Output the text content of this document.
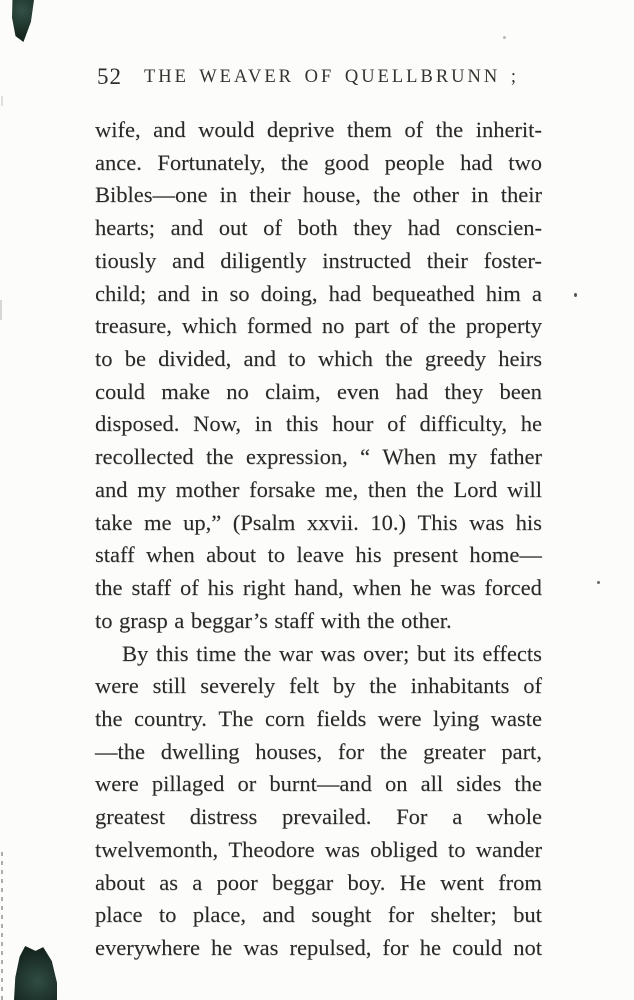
52	THE WEAVER OF QUELLBRUNN ;
wife, and would deprive them of the inherit-
ance. Fortunately, the good people had two
Bibles—one in their house, the other in their
hearts; and out of both they had conscien-
tiously and diligently instructed their foster-
child; and in so doing, had bequeathed him a
treasure, which formed no part of the property
to be divided, and to which the greedy heirs
could make no claim, even had they been
disposed. Now, in this hour of difficulty, he
recollected the expression, “ When my father
and my mother forsake me, then the Lord will
take me up,” (Psalm xxvii. 10.) This was his
staff when about to leave his present home—
the staff of his right hand, when he was forced
to grasp a beggar’s staff with the other.
By this time the war was over; but its effects
were still severely felt by the inhabitants of
the country. The corn fields were lying waste
—the dwelling houses, for the greater part,
were pillaged or burnt—and on all sides the
greatest distress prevailed. For a whole
twelvemonth, Theodore was obliged to wander
about as a poor beggar boy. He went from
place to place, and sought for shelter; but
everywhere he was repulsed, for he could not
